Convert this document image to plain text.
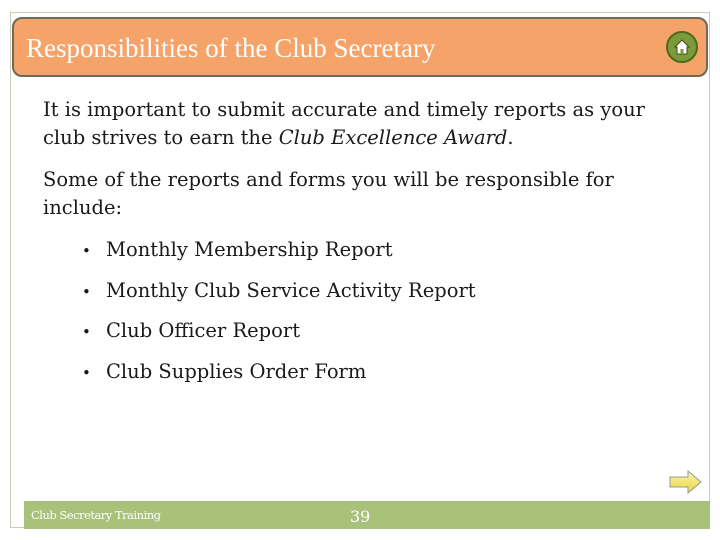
Responsibilities of the Club Secretary

It is important to submit accurate and timely reports as your club strives to earn the Club Excellence Award.

Some of the reports and forms you will be responsible for include:

• Monthly Membership Report
• Monthly Club Service Activity Report
• Club Officer Report
• Club Supplies Order Form
Club Secretary Training	39
